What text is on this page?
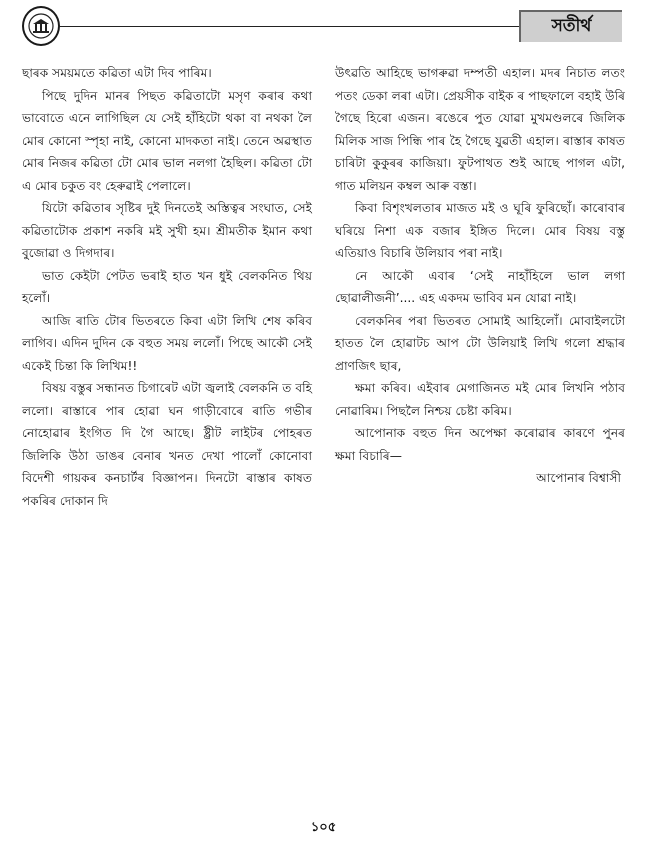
সতীৰ্থ

ছাৰক সময়মতে কৱিতা এটা দিব পাৰিম।

পিছে দুদিন মানৰ পিছত কৱিতাটো মসৃণ কৰাৰ কথা ভাবোতে এনে লাগিছিল যে সেই হাঁহিটো থকা বা নথকা লৈ মোৰ কোনো স্পৃহা নাই, কোনো মাদকতা নাই। তেনে অৱস্থাত মোৰ নিজৰ কৱিতা টো মোৰ ভাল নলগা হৈছিল। কৱিতা টো এ মোৰ চকুত বং হেৰুৱাই পেলালে।

যিটো কৱিতাৰ সৃষ্টিৰ দুই দিনতেই অস্তিত্বৰ সংঘাত, সেই কৱিতাটোক প্ৰকাশ নকৰি মই সুখী হম। শ্ৰীমতীক ইমান কথা বুজোৱা ও দিগদাৰ।

ভাত কেইটা পেটত ভৰাই হাত খন ধুই বেলকনিত থিয় হলোঁ।

আজি ৰাতি টোৰ ভিতৰতে কিবা এটা লিখি শেষ কৰিব লাগিব। এদিন দুদিন কে বহুত সময় ললোঁ। পিছে আকৌ সেই একেই চিন্তা কি লিখিম!!

বিষয় বস্তুৰ সন্ধানত চিগাৰেট এটা জ্বলাই বেলকনি ত বহি ললো। ৰাস্তাৰে পাৰ হোৱা ঘন গাড়ীবোৰে ৰাতি গভীৰ নোহোৱাৰ ইংগিত দি গৈ আছে। ষ্ট্ৰীট লাইটৰ পোহৰত জিলিকি উঠা ডাঙৰ বেনাৰ খনত দেখা পালোঁ কোনোবা বিদেশী গায়কৰ কনচাৰ্টৰ বিজ্ঞাপন। দিনটো ৰাস্তাৰ কাষত পকৰিৰ দোকান দি

উৎৱতি আহিছে ভাগৰুৱা দম্পতী এহাল। মদৰ নিচাত লতং পতং ডেকা লৰা এটা। প্ৰেয়সীক বাইক ৰ পাছফালে বহাই উৰি গৈছে হিৰো এজন। ৰঙেৰে পুত যোৱা মুখমণ্ডলৰে জিলিক মিলিক সাজ পিন্ধি পাৰ হৈ গৈছে যুৱতী এহাল। ৰাস্তাৰ কাষত চাৰিটা কুকুৰৰ কাজিয়া। ফুটপাথত শুই আছে পাগল এটা, গাত মলিয়ন কম্বল আৰু বস্তা।

কিবা বিশৃংখলতাৰ মাজত মই ও ঘূৰি ফুৰিছোঁ। কাৰোবাৰ ঘৰিয়ে নিশা এক বজাৰ ইঙ্গিত দিলে। মোৰ বিষয় বস্তু এতিয়াও বিচাৰি উলিয়াব পৰা নাই।

নে আকৌ এবাৰ ‘সেই নাহাঁহিলে ভাল লগা ছোৱালীজনী’.... এহ একদম ভাবিব মন যোৱা নাই।

বেলকনিৰ পৰা ভিতৰত সোমাই আহিলোঁ। মোবাইলটো হাতত লৈ হোৱাটচ আপ টো উলিয়াই লিখি গলো শ্ৰদ্ধাৰ প্ৰাণজিৎ ছাৰ,

ক্ষমা কৰিব। এইবাৰ মেগাজিনত মই মোৰ লিখনি পঠাব নোৱাৰিম। পিছলৈ নিশ্চয় চেষ্টা কৰিম।

আপোনাক বহুত দিন অপেক্ষা কৰোৱাৰ কাৰণে পুনৰ ক্ষমা বিচাৰি—

আপোনাৰ বিশ্বাসী

১০৫
